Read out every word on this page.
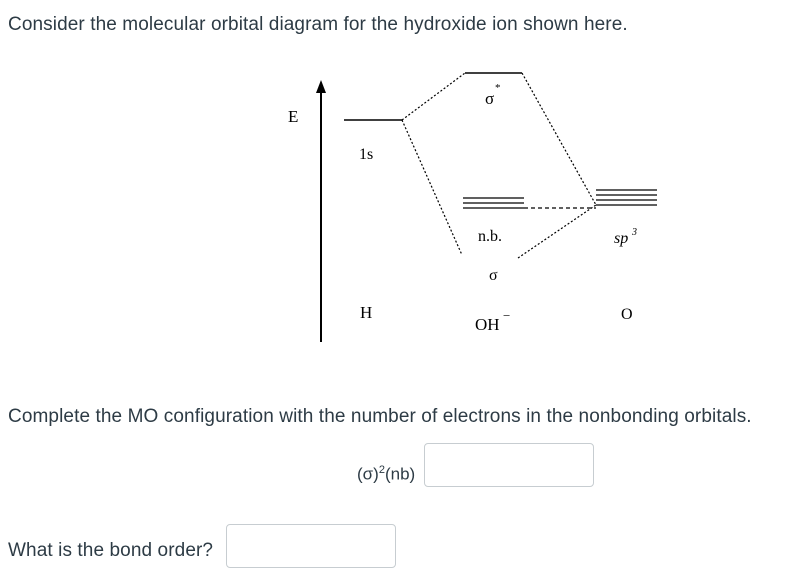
Consider the molecular orbital diagram for the hydroxide ion shown here.
E
1s
H
σ
*
n.b.
σ
OH −
sp 3
O
Complete the MO configuration with the number of electrons in the nonbonding orbitals.
$(\sigma)^2(nb)$
What is the bond order?
